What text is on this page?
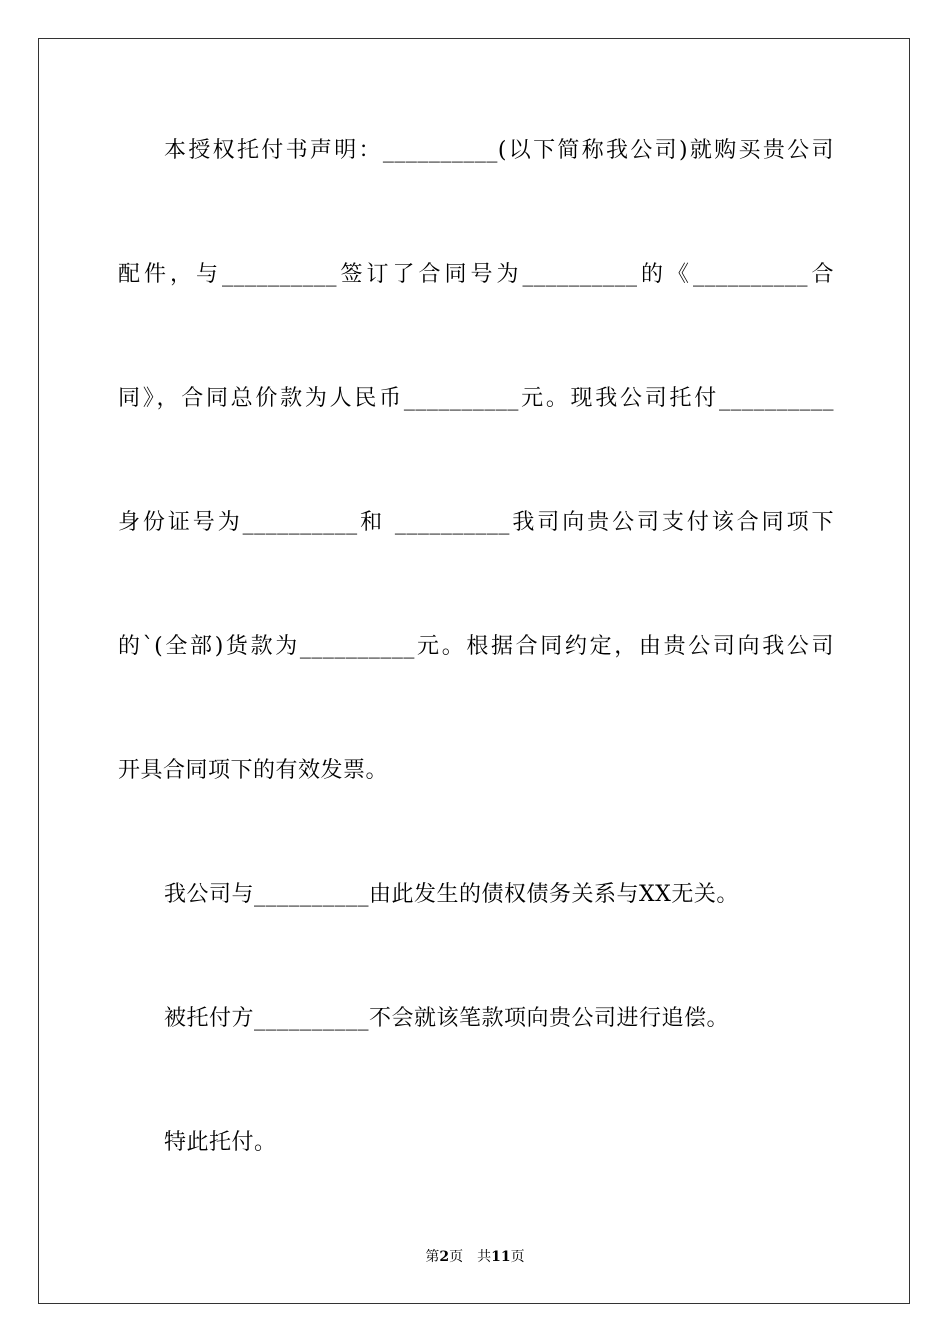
本授权托付书声明：__________(以下简称我公司)就购买贵公司
配件，与__________签订了合同号为__________的《__________合
同》，合同总价款为人民币__________元。现我公司托付__________
身份证号为__________和 __________我司向贵公司支付该合同项下
的`(全部)货款为__________元。根据合同约定，由贵公司向我公司
开具合同项下的有效发票。
我公司与__________由此发生的债权债务关系与XX无关。
被托付方__________不会就该笔款项向贵公司进行追偿。
特此托付。
第2页 共11页
